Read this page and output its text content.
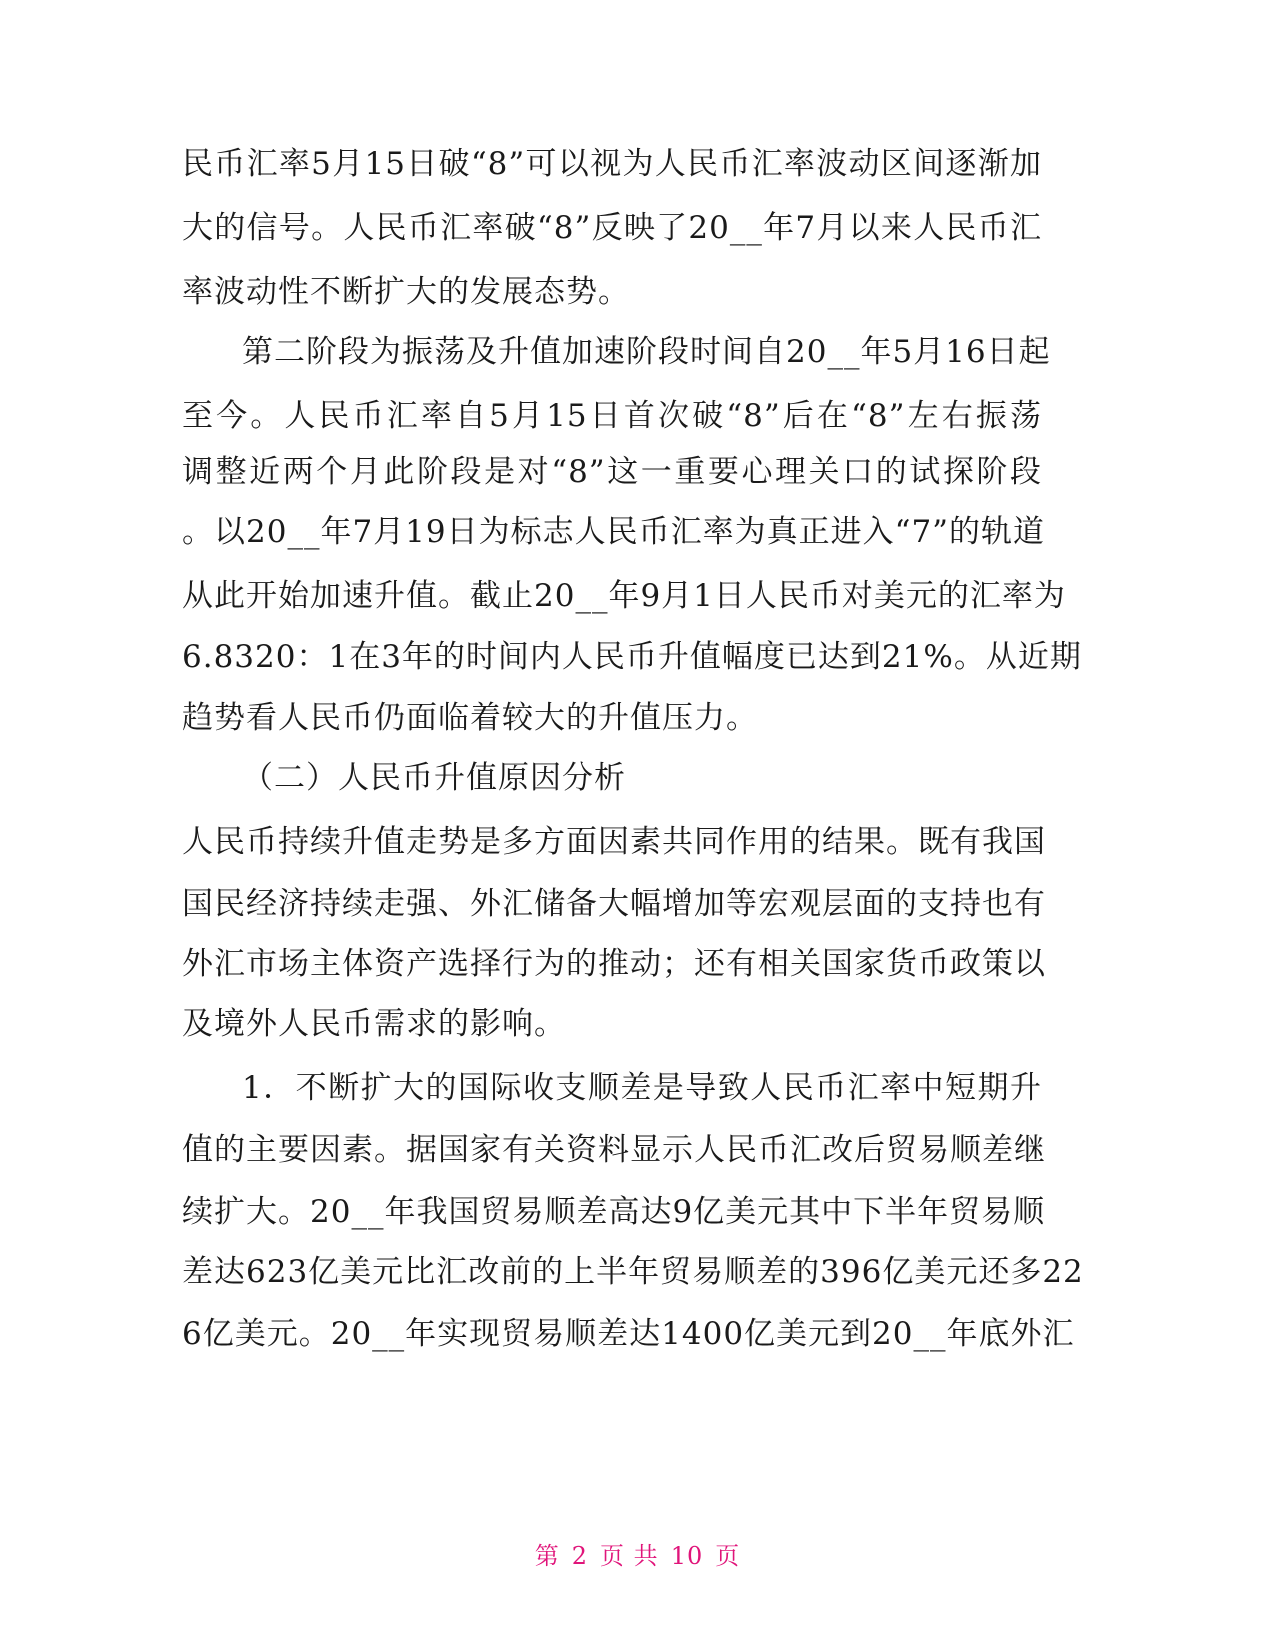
民币汇率5月15日破“8”可以视为人民币汇率波动区间逐渐加
大的信号。人民币汇率破“8”反映了20__年7月以来人民币汇
率波动性不断扩大的发展态势。
第二阶段为振荡及升值加速阶段时间自20__年5月16日起
至今。人民币汇率自5月15日首次破“8”后在“8”左右振荡
调整近两个月此阶段是对“8”这一重要心理关口的试探阶段
。以20__年7月19日为标志人民币汇率为真正进入“7”的轨道
从此开始加速升值。截止20__年9月1日人民币对美元的汇率为
6.8320：1在3年的时间内人民币升值幅度已达到21%。从近期
趋势看人民币仍面临着较大的升值压力。
（二）人民币升值原因分析
人民币持续升值走势是多方面因素共同作用的结果。既有我国
国民经济持续走强、外汇储备大幅增加等宏观层面的支持也有
外汇市场主体资产选择行为的推动；还有相关国家货币政策以
及境外人民币需求的影响。
1．不断扩大的国际收支顺差是导致人民币汇率中短期升
值的主要因素。据国家有关资料显示人民币汇改后贸易顺差继
续扩大。20__年我国贸易顺差高达9亿美元其中下半年贸易顺
差达623亿美元比汇改前的上半年贸易顺差的396亿美元还多22
6亿美元。20__年实现贸易顺差达1400亿美元到20__年底外汇
第 2 页 共 10 页
